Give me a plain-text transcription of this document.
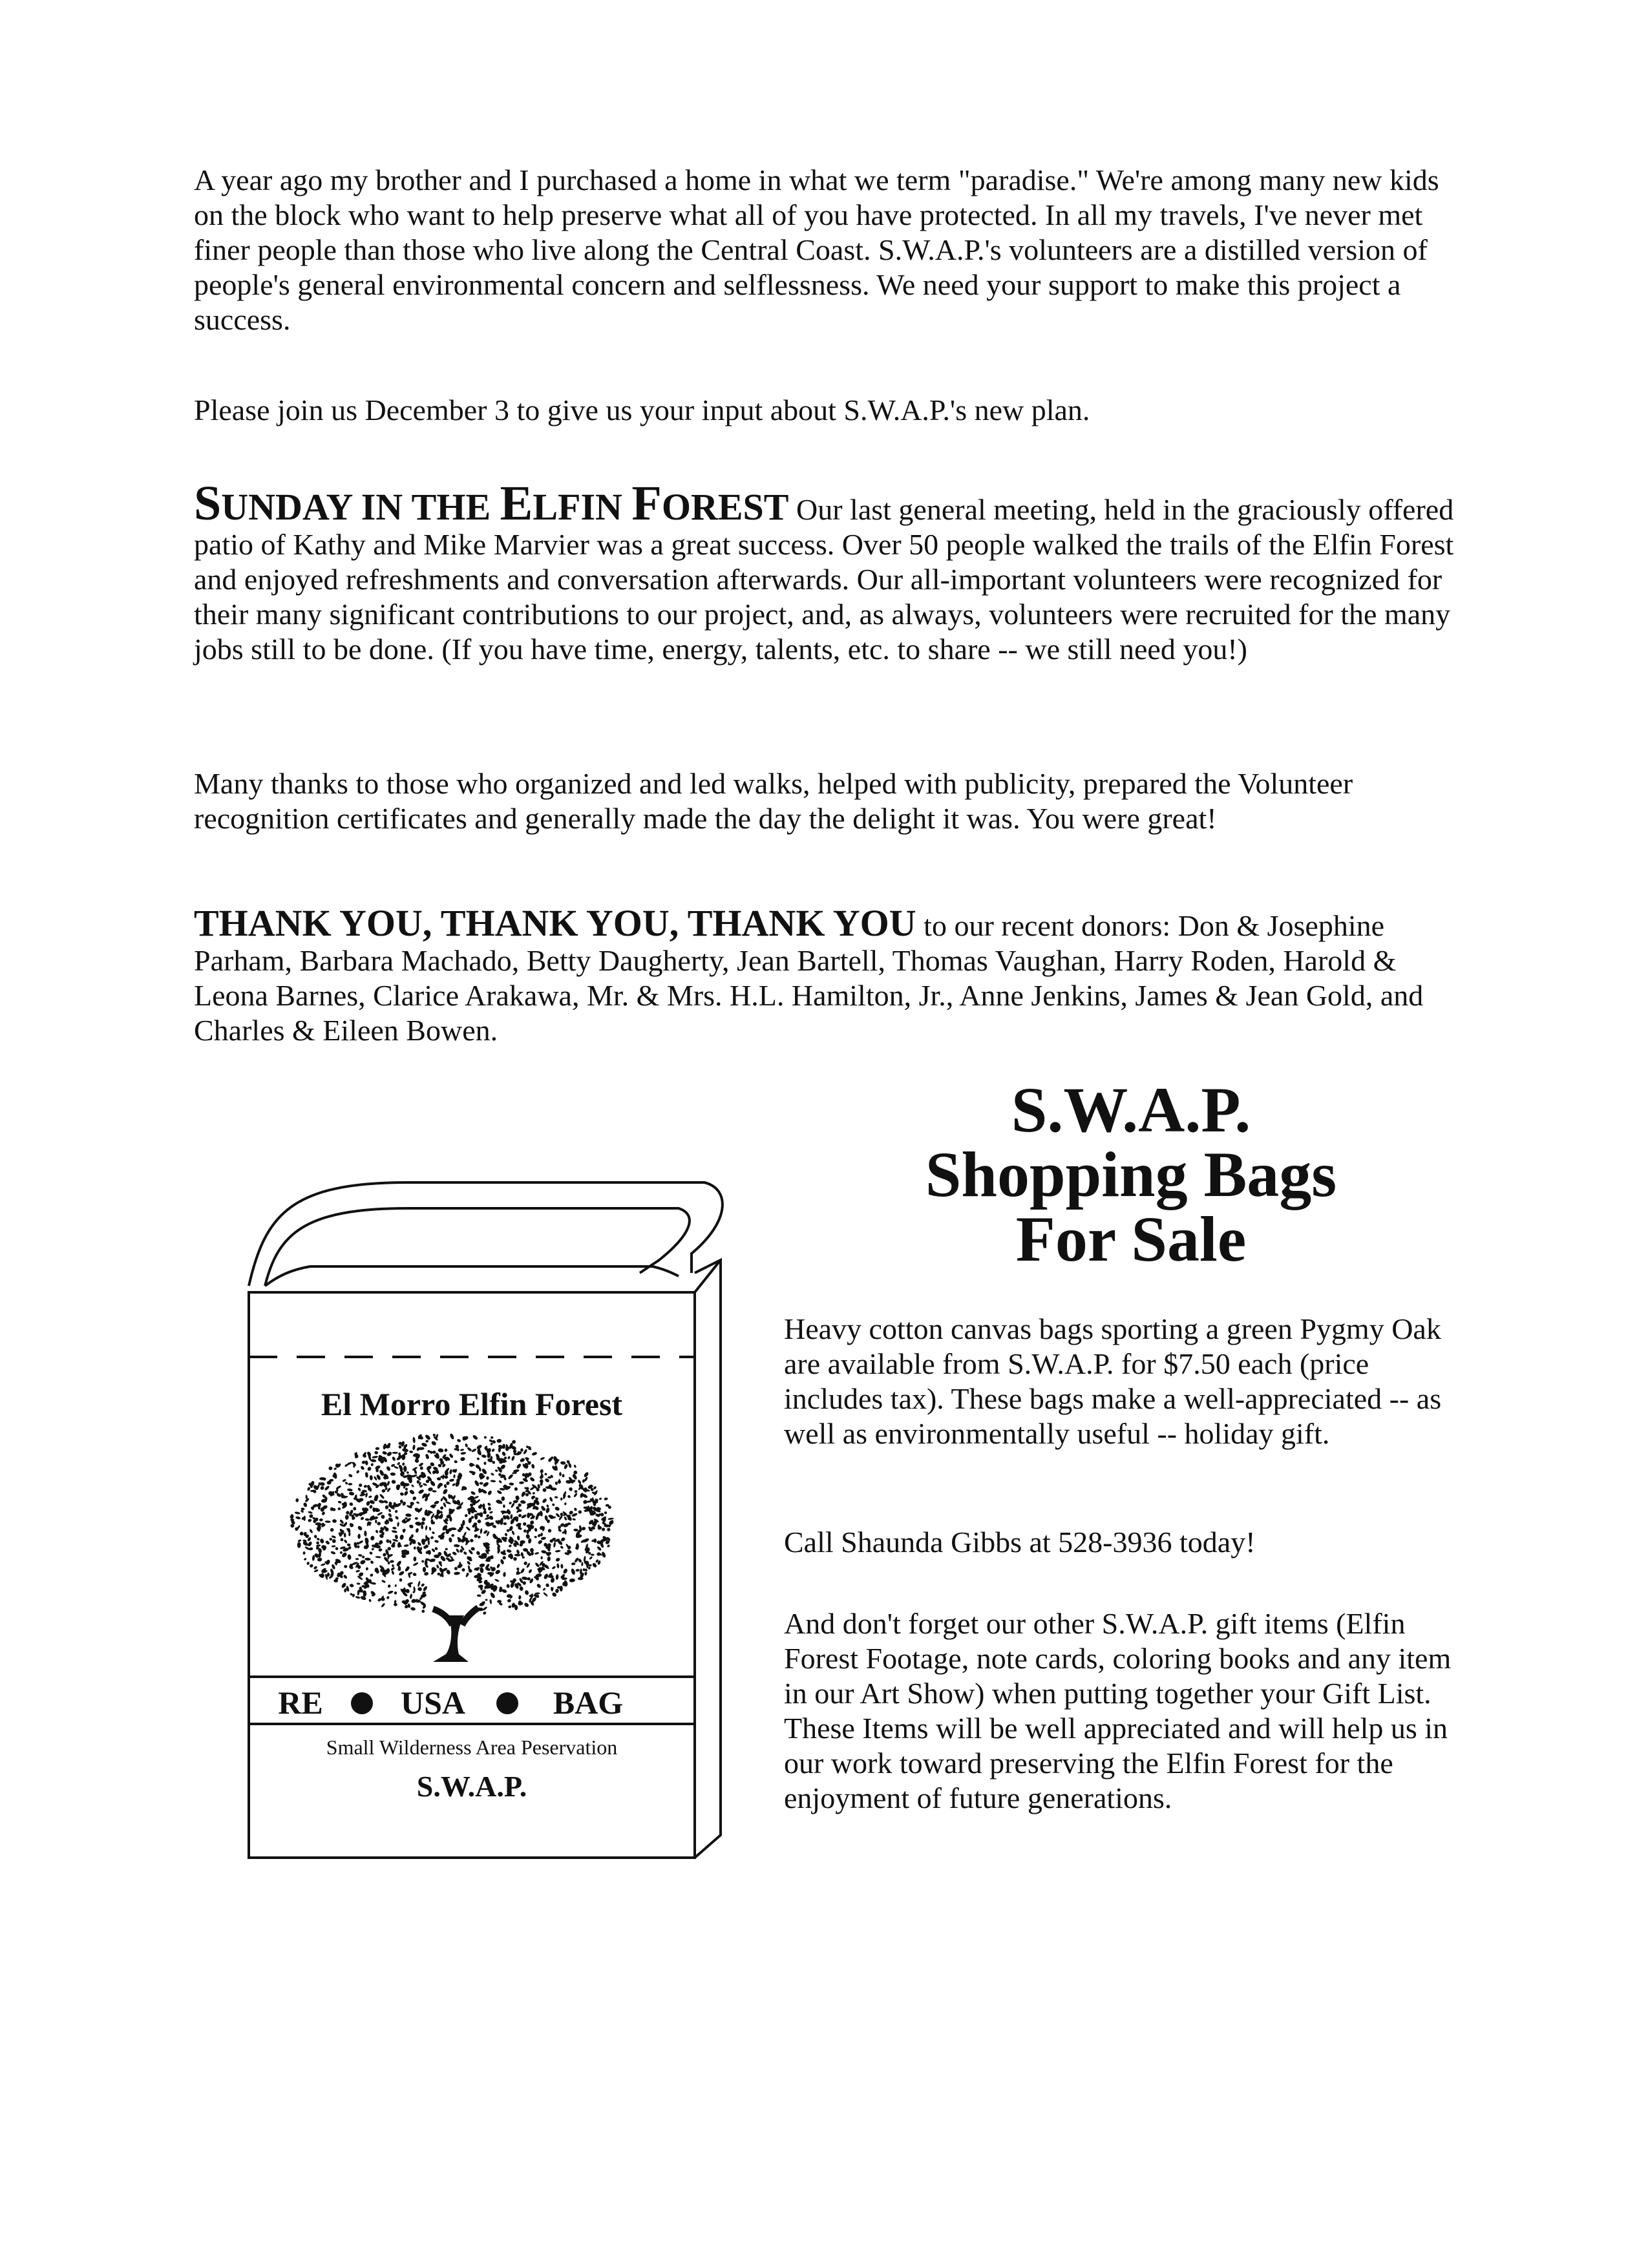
A year ago my brother and I purchased a home in what we term "paradise." We're among many new kids on the block who want to help preserve what all of you have protected. In all my travels, I've never met finer people than those who live along the Central Coast. S.W.A.P.'s volunteers are a distilled version of people's general environmental concern and selflessness. We need your support to make this project a success.

Please join us December 3 to give us your input about S.W.A.P.'s new plan.

SUNDAY IN THE ELFIN FOREST Our last general meeting, held in the graciously offered patio of Kathy and Mike Marvier was a great success. Over 50 people walked the trails of the Elfin Forest and enjoyed refreshments and conversation afterwards. Our all-important volunteers were recognized for their many significant contributions to our project, and, as always, volunteers were recruited for the many jobs still to be done. (If you have time, energy, talents, etc. to share -- we still need you!)

Many thanks to those who organized and led walks, helped with publicity, prepared the Volunteer recognition certificates and generally made the day the delight it was. You were great!

THANK YOU, THANK YOU, THANK YOU to our recent donors: Don & Josephine Parham, Barbara Machado, Betty Daugherty, Jean Bartell, Thomas Vaughan, Harry Roden, Harold & Leona Barnes, Clarice Arakawa, Mr. & Mrs. H.L. Hamilton, Jr., Anne Jenkins, James & Jean Gold, and Charles & Eileen Bowen.

El Morro Elfin Forest
RE USA	BAG
Small Wilderness Area Peservation
S.W.A.P.
S.W.A.P.
Shopping Bags
For Sale

Heavy cotton canvas bags sporting a green Pygmy Oak are available from S.W.A.P. for $7.50 each (price includes tax). These bags make a well-appreciated -- as well as environmentally useful -- holiday gift.

Call Shaunda Gibbs at 528-3936 today!

And don't forget our other S.W.A.P. gift items (Elfin Forest Footage, note cards, coloring books and any item in our Art Show) when putting together your Gift List. These Items will be well appreciated and will help us in our work toward preserving the Elfin Forest for the enjoyment of future generations.
